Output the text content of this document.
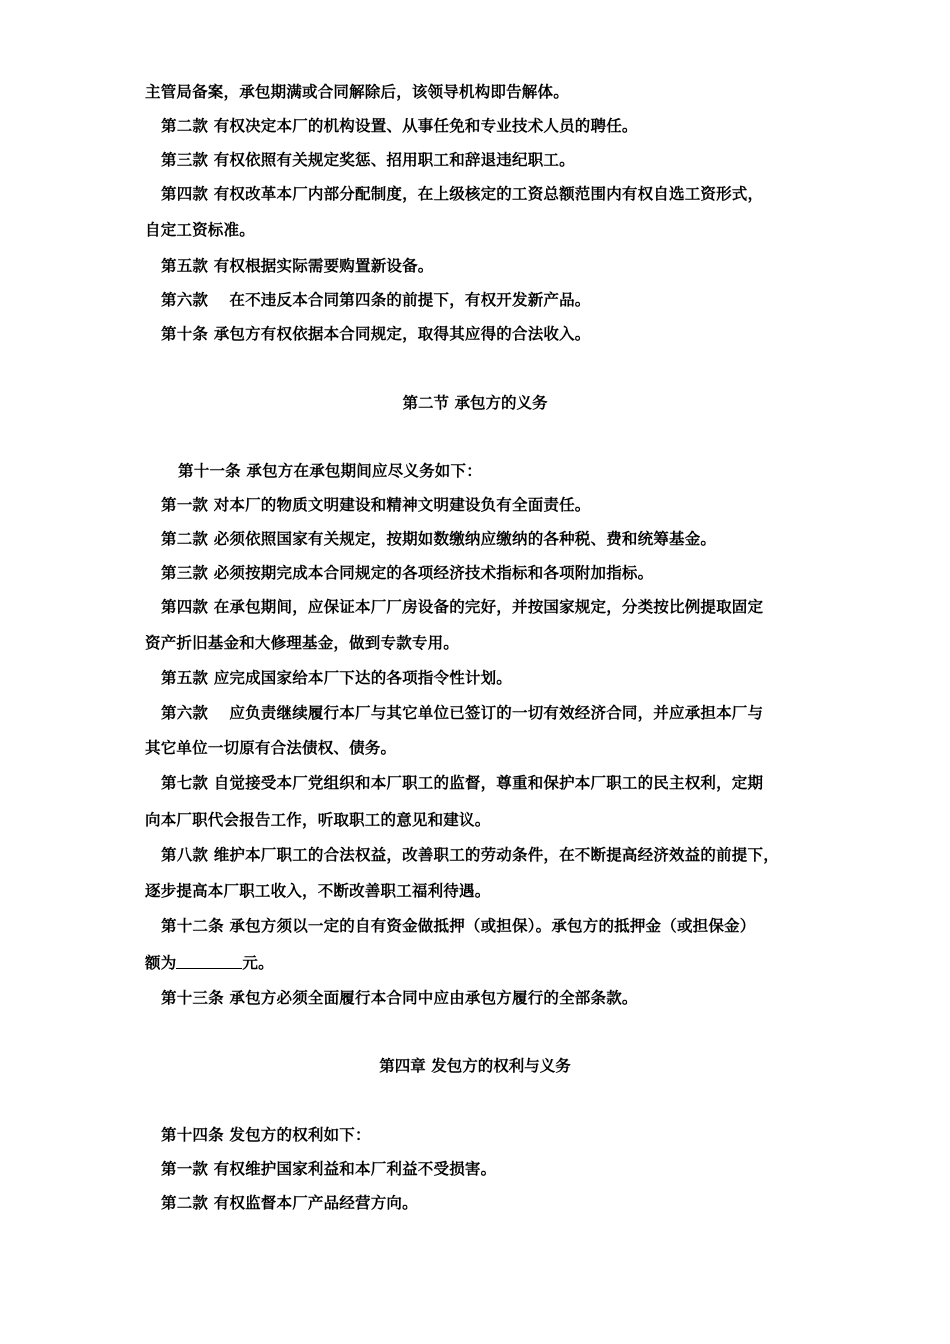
主管局备案，承包期满或合同解除后，该领导机构即告解体。
第二款 有权决定本厂的机构设置、从事任免和专业技术人员的聘任。
第三款 有权依照有关规定奖惩、招用职工和辞退违纪职工。
第四款 有权改革本厂内部分配制度，在上级核定的工资总额范围内有权自选工资形式，
自定工资标准。
第五款 有权根据实际需要购置新设备。
第六款　 在不违反本合同第四条的前提下，有权开发新产品。
第十条 承包方有权依据本合同规定，取得其应得的合法收入。
第二节 承包方的义务
第十一条 承包方在承包期间应尽义务如下：
第一款 对本厂的物质文明建设和精神文明建设负有全面责任。
第二款 必须依照国家有关规定，按期如数缴纳应缴纳的各种税、费和统筹基金。
第三款 必须按期完成本合同规定的各项经济技术指标和各项附加指标。
第四款 在承包期间，应保证本厂厂房设备的完好，并按国家规定，分类按比例提取固定
资产折旧基金和大修理基金，做到专款专用。
第五款 应完成国家给本厂下达的各项指令性计划。
第六款　 应负责继续履行本厂与其它单位已签订的一切有效经济合同，并应承担本厂与
其它单位一切原有合法债权、债务。
第七款 自觉接受本厂党组织和本厂职工的监督，尊重和保护本厂职工的民主权利，定期
向本厂职代会报告工作，听取职工的意见和建议。
第八款 维护本厂职工的合法权益，改善职工的劳动条件，在不断提高经济效益的前提下，
逐步提高本厂职工收入，不断改善职工福利待遇。
第十二条 承包方须以一定的自有资金做抵押（或担保）。承包方的抵押金（或担保金）
额为	元。
第十三条 承包方必须全面履行本合同中应由承包方履行的全部条款。
第四章 发包方的权利与义务
第十四条 发包方的权利如下：
第一款 有权维护国家利益和本厂利益不受损害。
第二款 有权监督本厂产品经营方向。
